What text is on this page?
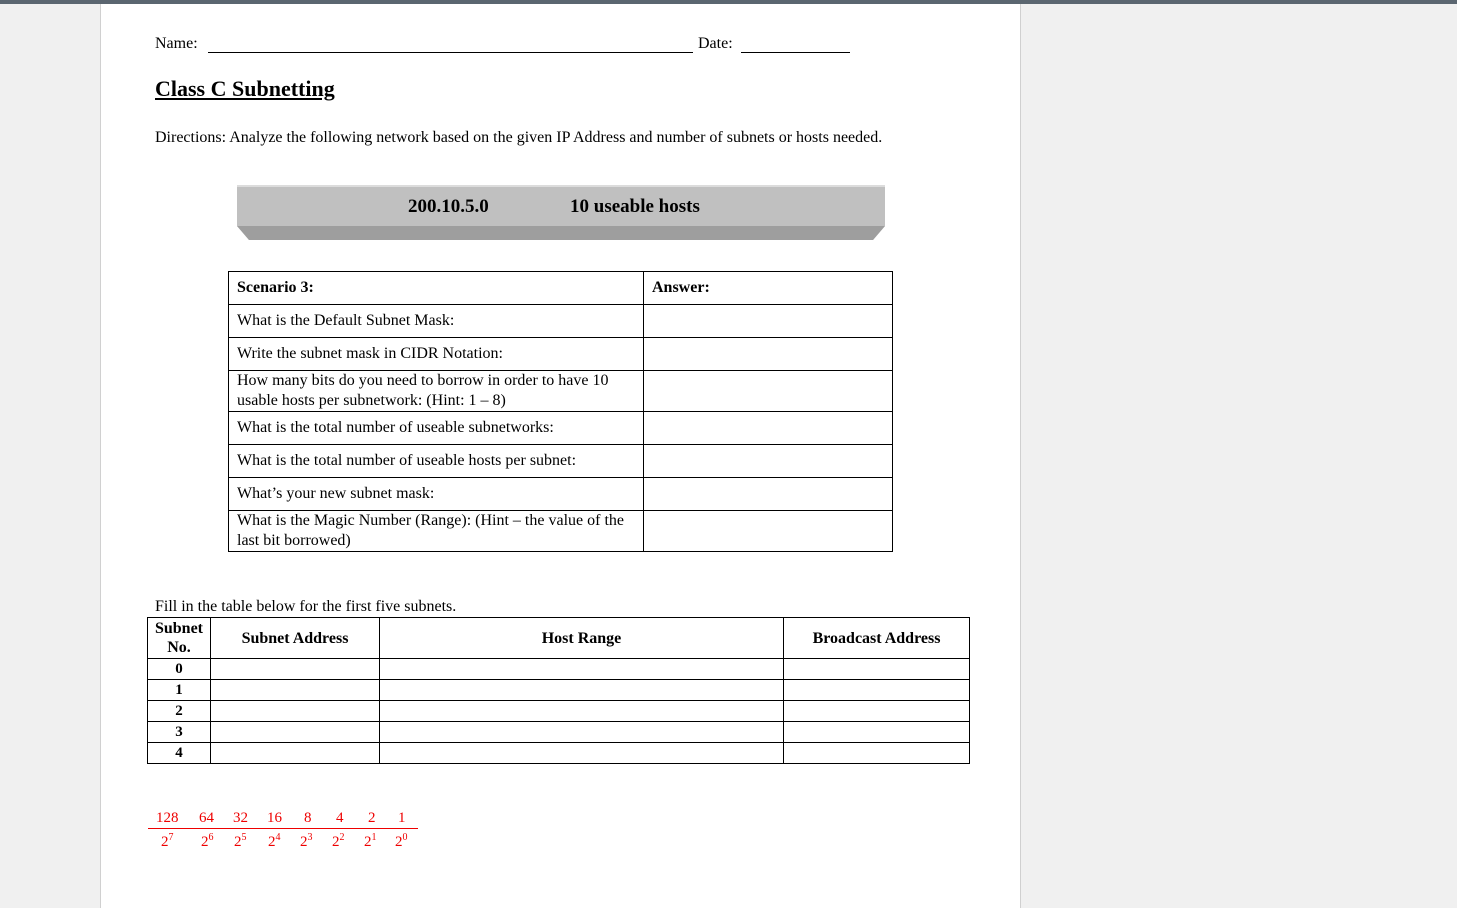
Name:	Date:
Class C Subnetting
Directions: Analyze the following network based on the given IP Address and number of subnets or hosts needed.
200.10.5.0	10 useable hosts
Scenario 3:	Answer:
What is the Default Subnet Mask:	
Write the subnet mask in CIDR Notation:	
How many bits do you need to borrow in order to have 10 usable hosts per subnetwork: (Hint: 1 – 8)	
What is the total number of useable subnetworks:	
What is the total number of useable hosts per subnet:	
What’s your new subnet mask:	
What is the Magic Number (Range): (Hint – the value of the last bit borrowed)	
Fill in the table below for the first five subnets.
Subnet No.	Subnet Address	Host Range	Broadcast Address
0			
1			
2			
3			
4			
128 64 32 16 8 4 2 1
$2^7$ $2^6$ $2^5$ $2^4$ $2^3$ $2^2$ $2^1$ $2^0$
